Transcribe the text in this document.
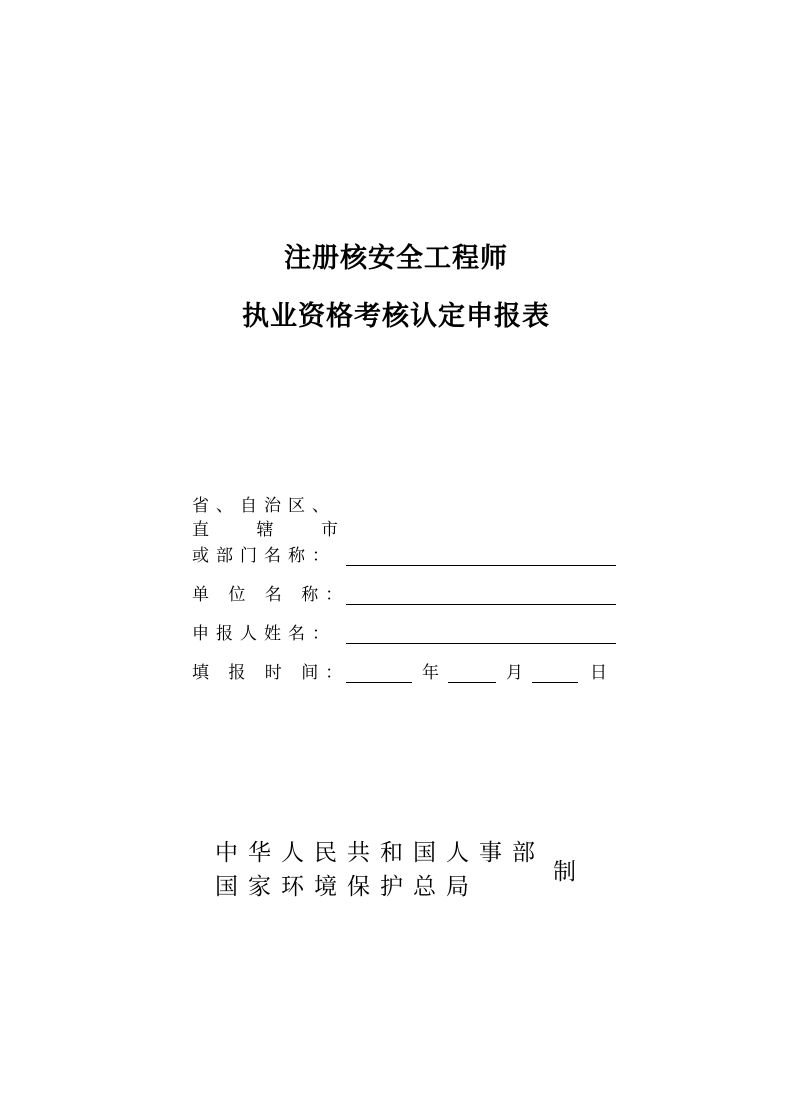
注册核安全工程师
执业资格考核认定申报表
省、自治区、
直	辖	市
或部门名称：
单 位 名 称：
申报人姓名：
填 报 时 间：	年	月	日
中华人民共和国人事部
国家环境保护总局
制
